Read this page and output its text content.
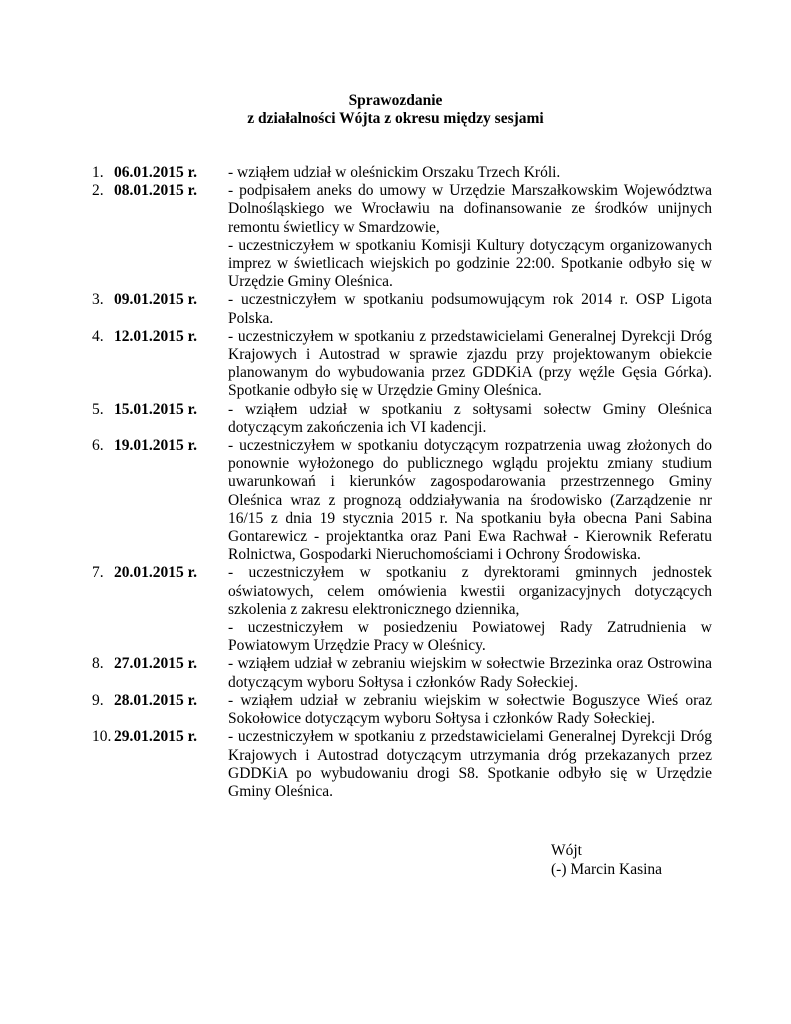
Sprawozdanie
z działalności Wójta z okresu między sesjami
1. 06.01.2015 r.	- wziąłem udział w oleśnickim Orszaku Trzech Króli.
2. 08.01.2015 r.	- podpisałem aneks do umowy w Urzędzie Marszałkowskim Województwa Dolnośląskiego we Wrocławiu na dofinansowanie ze środków unijnych remontu świetlicy w Smardzowie,
- uczestniczyłem w spotkaniu Komisji Kultury dotyczącym organizowanych imprez w świetlicach wiejskich po godzinie 22:00. Spotkanie odbyło się w Urzędzie Gminy Oleśnica.
3. 09.01.2015 r.	- uczestniczyłem w spotkaniu podsumowującym rok 2014 r. OSP Ligota Polska.
4. 12.01.2015 r.	- uczestniczyłem w spotkaniu z przedstawicielami Generalnej Dyrekcji Dróg Krajowych i Autostrad w sprawie zjazdu przy projektowanym obiekcie planowanym do wybudowania przez GDDKiA (przy węźle Gęsia Górka). Spotkanie odbyło się w Urzędzie Gminy Oleśnica.
5. 15.01.2015 r.	- wziąłem udział w spotkaniu z sołtysami sołectw Gminy Oleśnica dotyczącym zakończenia ich VI kadencji.
6. 19.01.2015 r.	- uczestniczyłem w spotkaniu dotyczącym rozpatrzenia uwag złożonych do ponownie wyłożonego do publicznego wglądu projektu zmiany studium uwarunkowań i kierunków zagospodarowania przestrzennego Gminy Oleśnica wraz z prognozą oddziaływania na środowisko (Zarządzenie nr 16/15 z dnia 19 stycznia 2015 r. Na spotkaniu była obecna Pani Sabina Gontarewicz - projektantka oraz Pani Ewa Rachwał - Kierownik Referatu Rolnictwa, Gospodarki Nieruchomościami i Ochrony Środowiska.
7. 20.01.2015 r.	- uczestniczyłem w spotkaniu z dyrektorami gminnych jednostek oświatowych, celem omówienia kwestii organizacyjnych dotyczących szkolenia z zakresu elektronicznego dziennika,
- uczestniczyłem w posiedzeniu Powiatowej Rady Zatrudnienia w Powiatowym Urzędzie Pracy w Oleśnicy.
8. 27.01.2015 r.	- wziąłem udział w zebraniu wiejskim w sołectwie Brzezinka oraz Ostrowina dotyczącym wyboru Sołtysa i członków Rady Sołeckiej.
9. 28.01.2015 r.	- wziąłem udział w zebraniu wiejskim w sołectwie Boguszyce Wieś oraz Sokołowice dotyczącym wyboru Sołtysa i członków Rady Sołeckiej.
10. 29.01.2015 r.	- uczestniczyłem w spotkaniu z przedstawicielami Generalnej Dyrekcji Dróg Krajowych i Autostrad dotyczącym utrzymania dróg przekazanych przez GDDKiA po wybudowaniu drogi S8. Spotkanie odbyło się w Urzędzie Gminy Oleśnica.
Wójt
(-) Marcin Kasina
